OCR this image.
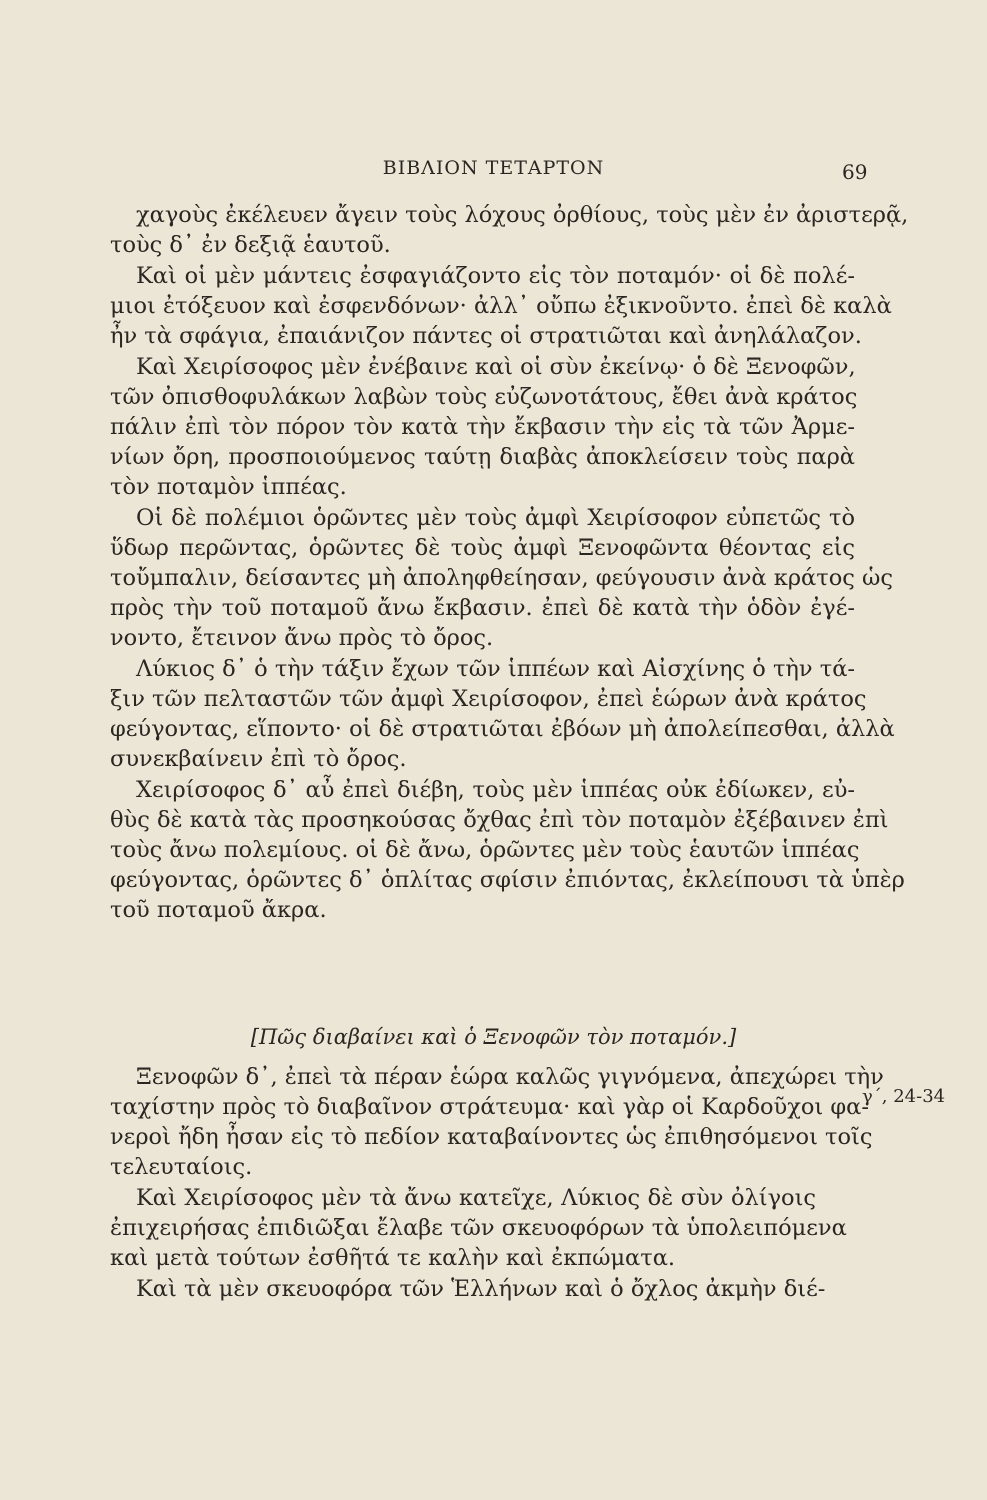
ΒΙΒΛΙΟΝ ΤΕΤΑΡΤΟΝ	69
χαγοὺς ἐκέλευεν ἄγειν τοὺς λόχους ὀρθίους, τοὺς μὲν ἐν ἀριστερᾷ,
τοὺς δ᾽ ἐν δεξιᾷ ἑαυτοῦ.
Καὶ οἱ μὲν μάντεις ἐσφαγιάζοντο εἰς τὸν ποταμόν· οἱ δὲ πολέ-
μιοι ἐτόξευον καὶ ἐσφενδόνων· ἀλλ᾽ οὔπω ἐξικνοῦντο. ἐπεὶ δὲ καλὰ
ἦν τὰ σφάγια, ἐπαιάνιζον πάντες οἱ στρατιῶται καὶ ἀνηλάλαζον.
Καὶ Χειρίσοφος μὲν ἐνέβαινε καὶ οἱ σὺν ἐκείνῳ· ὁ δὲ Ξενοφῶν,
τῶν ὀπισθοφυλάκων λαβὼν τοὺς εὐζωνοτάτους, ἔθει ἀνὰ κράτος
πάλιν ἐπὶ τὸν πόρον τὸν κατὰ τὴν ἔκβασιν τὴν εἰς τὰ τῶν Ἀρμε-
νίων ὄρη, προσποιούμενος ταύτῃ διαβὰς ἀποκλείσειν τοὺς παρὰ
τὸν ποταμὸν ἱππέας.
Οἱ δὲ πολέμιοι ὁρῶντες μὲν τοὺς ἀμφὶ Χειρίσοφον εὐπετῶς τὸ
ὕδωρ περῶντας, ὁρῶντες δὲ τοὺς ἀμφὶ Ξενοφῶντα θέοντας εἰς
τοὔμπαλιν, δείσαντες μὴ ἀποληφθείησαν, φεύγουσιν ἀνὰ κράτος ὡς
πρὸς τὴν τοῦ ποταμοῦ ἄνω ἔκβασιν. ἐπεὶ δὲ κατὰ τὴν ὁδὸν ἐγέ-
νοντο, ἔτεινον ἄνω πρὸς τὸ ὄρος.
Λύκιος δ᾽ ὁ τὴν τάξιν ἔχων τῶν ἱππέων καὶ Αἰσχίνης ὁ τὴν τά-
ξιν τῶν πελταστῶν τῶν ἀμφὶ Χειρίσοφον, ἐπεὶ ἑώρων ἀνὰ κράτος
φεύγοντας, εἵποντο· οἱ δὲ στρατιῶται ἐβόων μὴ ἀπολείπεσθαι, ἀλλὰ
συνεκβαίνειν ἐπὶ τὸ ὄρος.
Χειρίσοφος δ᾽ αὖ ἐπεὶ διέβη, τοὺς μὲν ἱππέας οὐκ ἐδίωκεν, εὐ-
θὺς δὲ κατὰ τὰς προσηκούσας ὄχθας ἐπὶ τὸν ποταμὸν ἐξέβαινεν ἐπὶ
τοὺς ἄνω πολεμίους. οἱ δὲ ἄνω, ὁρῶντες μὲν τοὺς ἑαυτῶν ἱππέας
φεύγοντας, ὁρῶντες δ᾽ ὁπλίτας σφίσιν ἐπιόντας, ἐκλείπουσι τὰ ὑπὲρ
τοῦ ποταμοῦ ἄκρα.
[Πῶς διαβαίνει καὶ ὁ Ξενοφῶν τὸν ποταμόν.]
γ΄, 24-34
Ξενοφῶν δ᾽, ἐπεὶ τὰ πέραν ἑώρα καλῶς γιγνόμενα, ἀπεχώρει τὴν
ταχίστην πρὸς τὸ διαβαῖνον στράτευμα· καὶ γὰρ οἱ Καρδοῦχοι φα-
νεροὶ ἤδη ἦσαν εἰς τὸ πεδίον καταβαίνοντες ὡς ἐπιθησόμενοι τοῖς
τελευταίοις.
Καὶ Χειρίσοφος μὲν τὰ ἄνω κατεῖχε, Λύκιος δὲ σὺν ὀλίγοις
ἐπιχειρήσας ἐπιδιῶξαι ἔλαβε τῶν σκευοφόρων τὰ ὑπολειπόμενα
καὶ μετὰ τούτων ἐσθῆτά τε καλὴν καὶ ἐκπώματα.
Καὶ τὰ μὲν σκευοφόρα τῶν Ἑλλήνων καὶ ὁ ὄχλος ἀκμὴν διέ-
